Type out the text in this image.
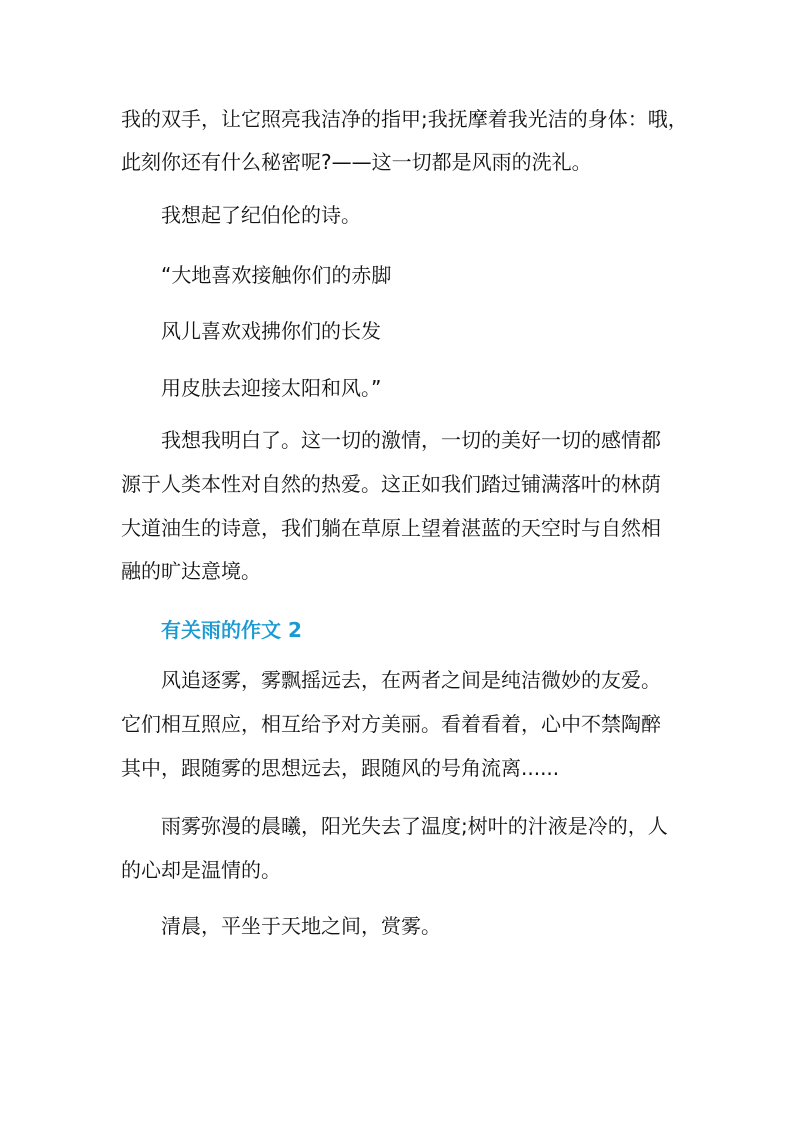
我的双手，让它照亮我洁净的指甲;我抚摩着我光洁的身体：哦，
此刻你还有什么秘密呢?——这一切都是风雨的洗礼。
我想起了纪伯伦的诗。
“大地喜欢接触你们的赤脚
风儿喜欢戏拂你们的长发
用皮肤去迎接太阳和风。”
我想我明白了。这一切的激情，一切的美好一切的感情都
源于人类本性对自然的热爱。这正如我们踏过铺满落叶的林荫
大道油生的诗意，我们躺在草原上望着湛蓝的天空时与自然相
融的旷达意境。
有关雨的作文 2
风追逐雾，雾飘摇远去，在两者之间是纯洁微妙的友爱。
它们相互照应，相互给予对方美丽。看着看着，心中不禁陶醉
其中，跟随雾的思想远去，跟随风的号角流离......
雨雾弥漫的晨曦，阳光失去了温度;树叶的汁液是冷的，人
的心却是温情的。
清晨，平坐于天地之间，赏雾。
